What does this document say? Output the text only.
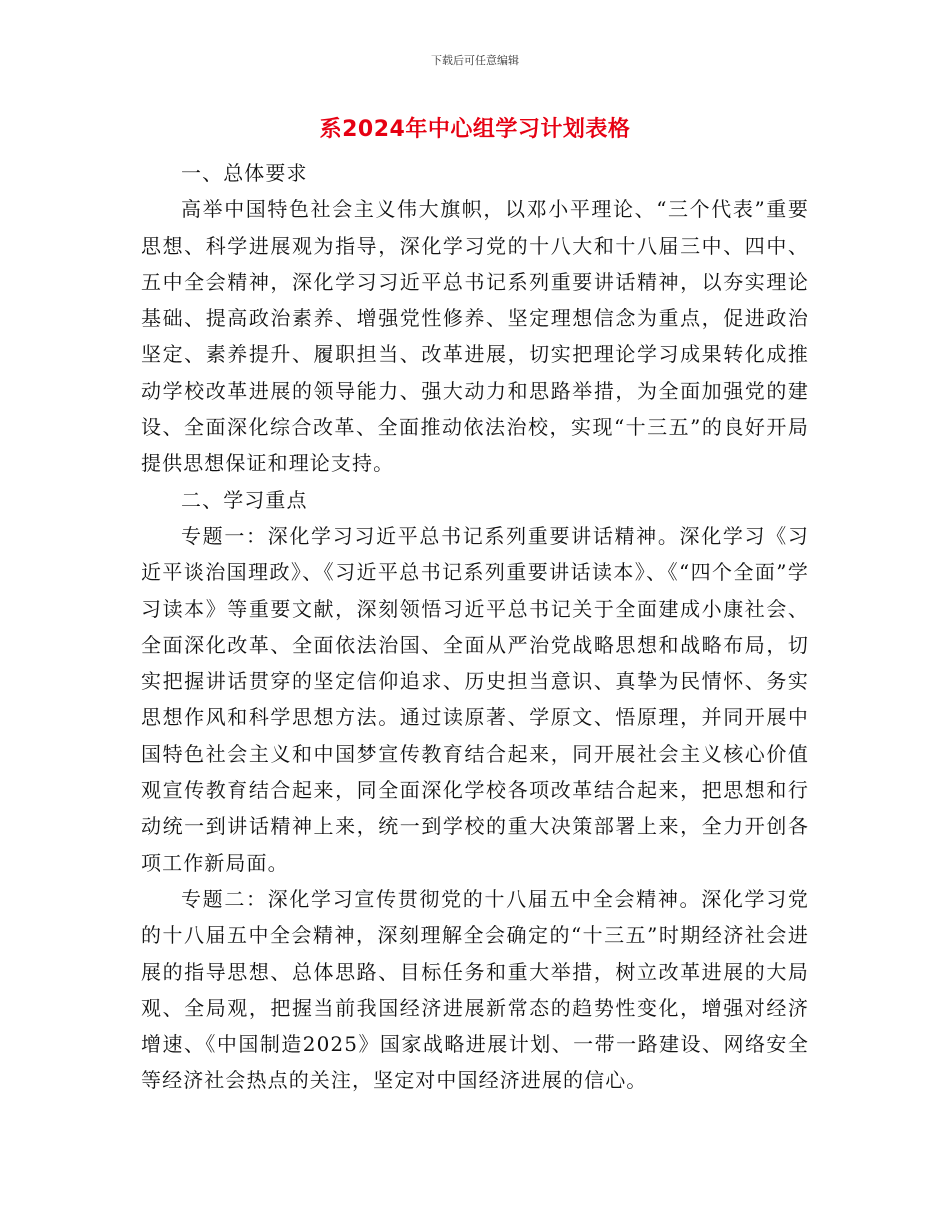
下载后可任意编辑
系2024年中心组学习计划表格

一、总体要求

高举中国特色社会主义伟大旗帜，以邓小平理论、“三个代表”重要思想、科学进展观为指导，深化学习党的十八大和十八届三中、四中、五中全会精神，深化学习习近平总书记系列重要讲话精神，以夯实理论基础、提高政治素养、增强党性修养、坚定理想信念为重点，促进政治坚定、素养提升、履职担当、改革进展，切实把理论学习成果转化成推动学校改革进展的领导能力、强大动力和思路举措，为全面加强党的建设、全面深化综合改革、全面推动依法治校，实现“十三五”的良好开局提供思想保证和理论支持。

二、学习重点

专题一：深化学习习近平总书记系列重要讲话精神。深化学习《习近平谈治国理政》、《习近平总书记系列重要讲话读本》、《“四个全面”学习读本》等重要文献，深刻领悟习近平总书记关于全面建成小康社会、全面深化改革、全面依法治国、全面从严治党战略思想和战略布局，切实把握讲话贯穿的坚定信仰追求、历史担当意识、真挚为民情怀、务实思想作风和科学思想方法。通过读原著、学原文、悟原理，并同开展中国特色社会主义和中国梦宣传教育结合起来，同开展社会主义核心价值观宣传教育结合起来，同全面深化学校各项改革结合起来，把思想和行动统一到讲话精神上来，统一到学校的重大决策部署上来，全力开创各项工作新局面。

专题二：深化学习宣传贯彻党的十八届五中全会精神。深化学习党的十八届五中全会精神，深刻理解全会确定的“十三五”时期经济社会进展的指导思想、总体思路、目标任务和重大举措，树立改革进展的大局观、全局观，把握当前我国经济进展新常态的趋势性变化，增强对经济增速、《中国制造2025》国家战略进展计划、一带一路建设、网络安全等经济社会热点的关注，坚定对中国经济进展的信心。
